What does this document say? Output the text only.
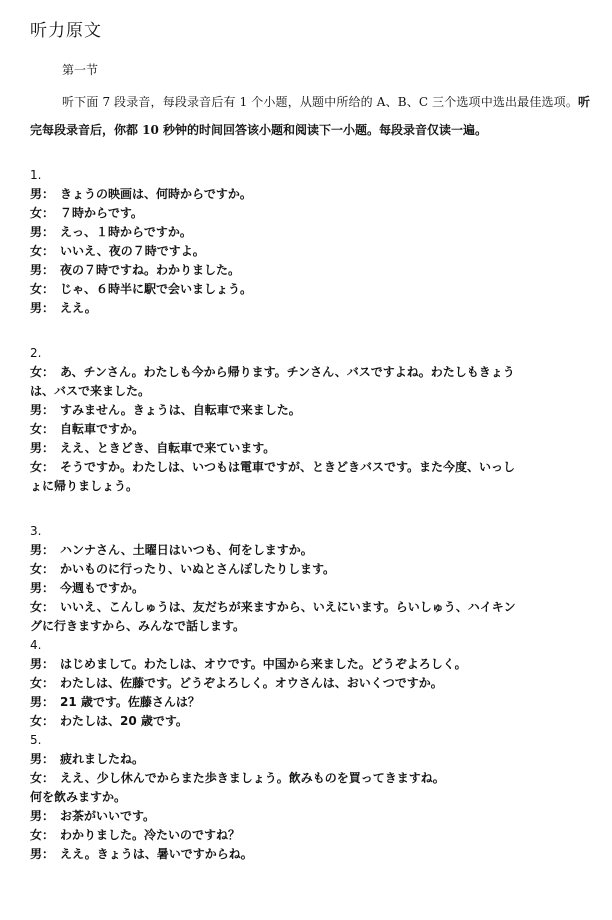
听力原文
第一节

听下面 7 段录音，每段录音后有 1 个小题，从题中所给的 A、B、C 三个选项中选出最佳选项。听完每段录音后，你都 10 秒钟的时间回答该小题和阅读下一小题。每段录音仅读一遍。

1.
男： きょうの映画は、何時からですか。
女： ７時からです。
男： えっ、１時からですか。
女： いいえ、夜の７時ですよ。
男： 夜の７時ですね。わかりました。
女： じゃ、６時半に駅で会いましょう。
男： ええ。
2.
女： あ、チンさん。わたしも今から帰ります。チンさん、バスですよね。わたしもきょう
は、バスで来ました。
男： すみません。きょうは、自転車で来ました。
女： 自転車ですか。
男： ええ、ときどき、自転車で来ています。
女： そうですか。わたしは、いつもは電車ですが、ときどきバスです。また今度、いっし
ょに帰りましょう。
3.
男： ハンナさん、土曜日はいつも、何をしますか。
女： かいものに行ったり、いぬとさんぽしたりします。
男： 今週もですか。
女： いいえ、こんしゅうは、友だちが来ますから、いえにいます。らいしゅう、ハイキン
グに行きますから、みんなで話します。
4.
男： はじめまして。わたしは、オウです。中国から来ました。どうぞよろしく。
女： わたしは、佐藤です。どうぞよろしく。オウさんは、おいくつですか。
男： 21 歳です。佐藤さんは？
女： わたしは、20 歳です。
5.
男： 疲れましたね。
女： ええ、少し休んでからまた歩きましょう。飲みものを買ってきますね。
何を飲みますか。
男： お茶がいいです。
女： わかりました。冷たいのですね？
男： ええ。きょうは、暑いですからね。
